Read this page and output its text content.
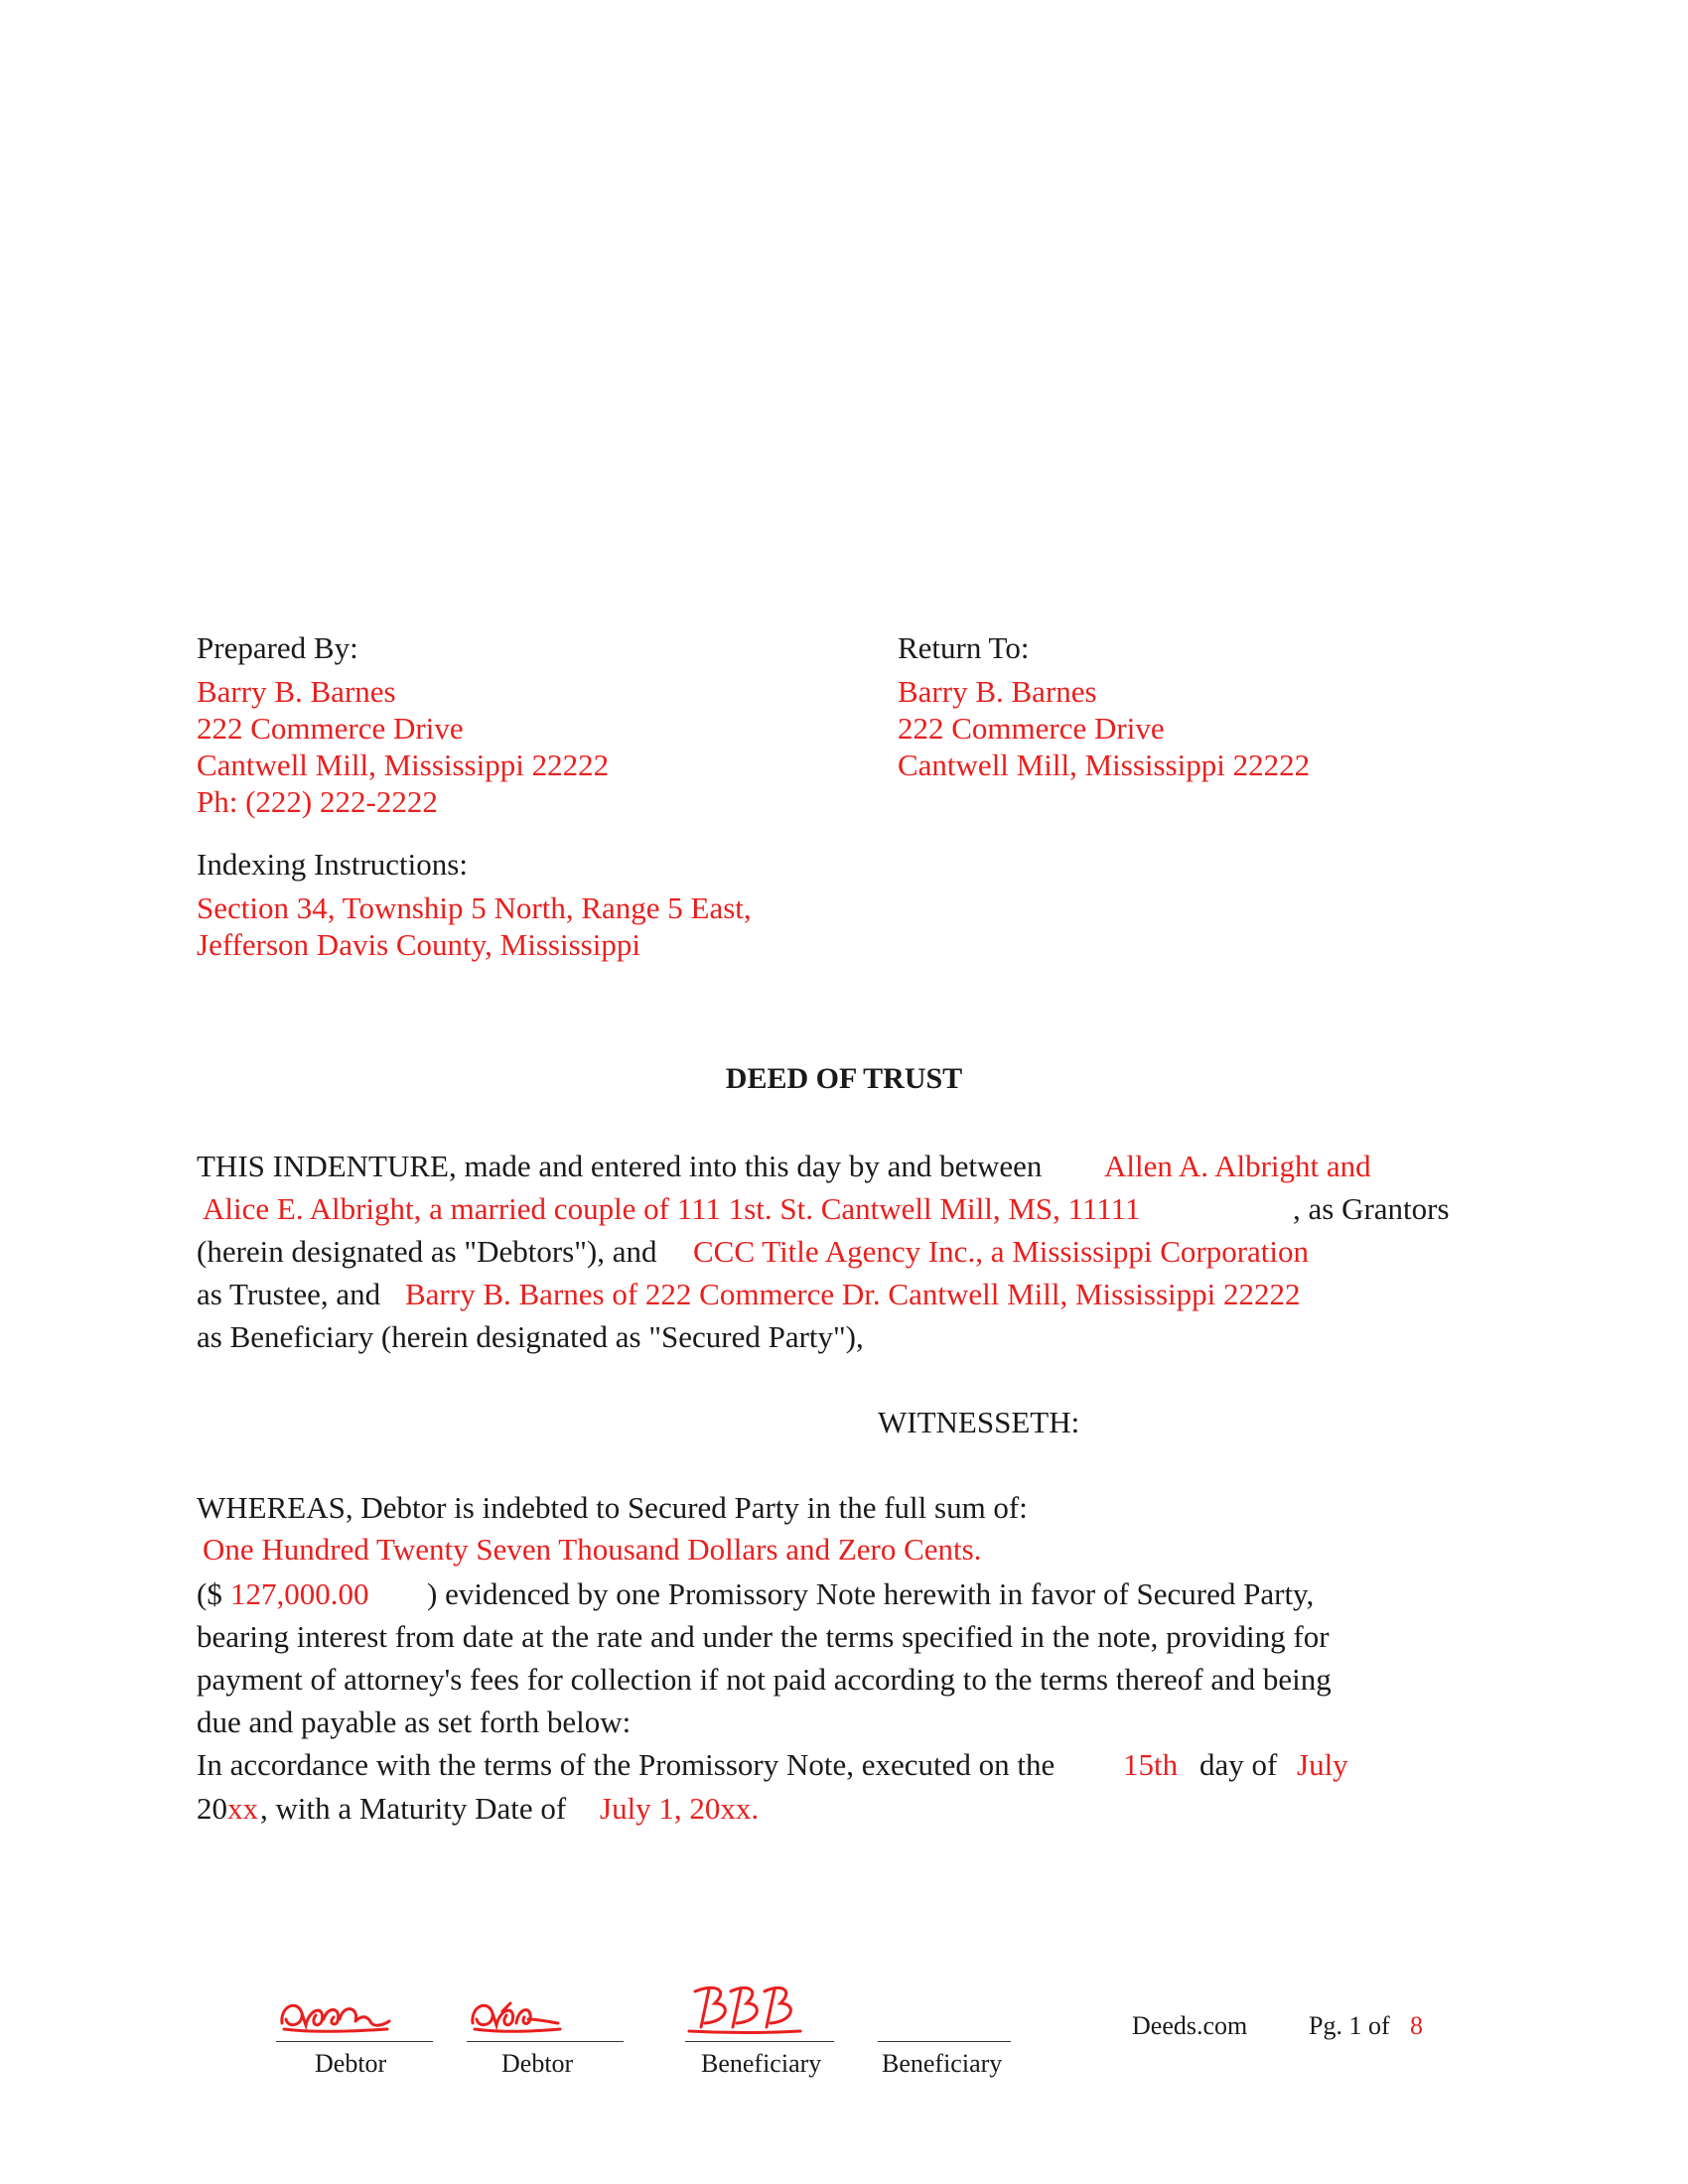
Prepared By:
Barry B. Barnes
222 Commerce Drive
Cantwell Mill, Mississippi 22222
Ph: (222) 222-2222
Return To:
Barry B. Barnes
222 Commerce Drive
Cantwell Mill, Mississippi 22222
Indexing Instructions:
Section 34, Township 5 North, Range 5 East,
Jefferson Davis County, Mississippi
DEED OF TRUST
THIS INDENTURE, made and entered into this day by and between Allen A. Albright and
Alice E. Albright, a married couple of 111 1st. St. Cantwell Mill, MS, 11111	, as Grantors
(herein designated as "Debtors"), and CCC Title Agency Inc., a Mississippi Corporation
as Trustee, and Barry B. Barnes of 222 Commerce Dr. Cantwell Mill, Mississippi 22222
as Beneficiary (herein designated as "Secured Party"),
WITNESSETH:
WHEREAS, Debtor is indebted to Secured Party in the full sum of:
One Hundred Twenty Seven Thousand Dollars and Zero Cents.
($ 127,000.00 ) evidenced by one Promissory Note herewith in favor of Secured Party,
bearing interest from date at the rate and under the terms specified in the note, providing for
payment of attorney's fees for collection if not paid according to the terms thereof and being
due and payable as set forth below:
In accordance with the terms of the Promissory Note, executed on the 15th day of July
20 xx , with a Maturity Date of July 1, 20xx.
Debtor	Debtor	Beneficiary Beneficiary
Deeds.com Pg. 1 of 8
